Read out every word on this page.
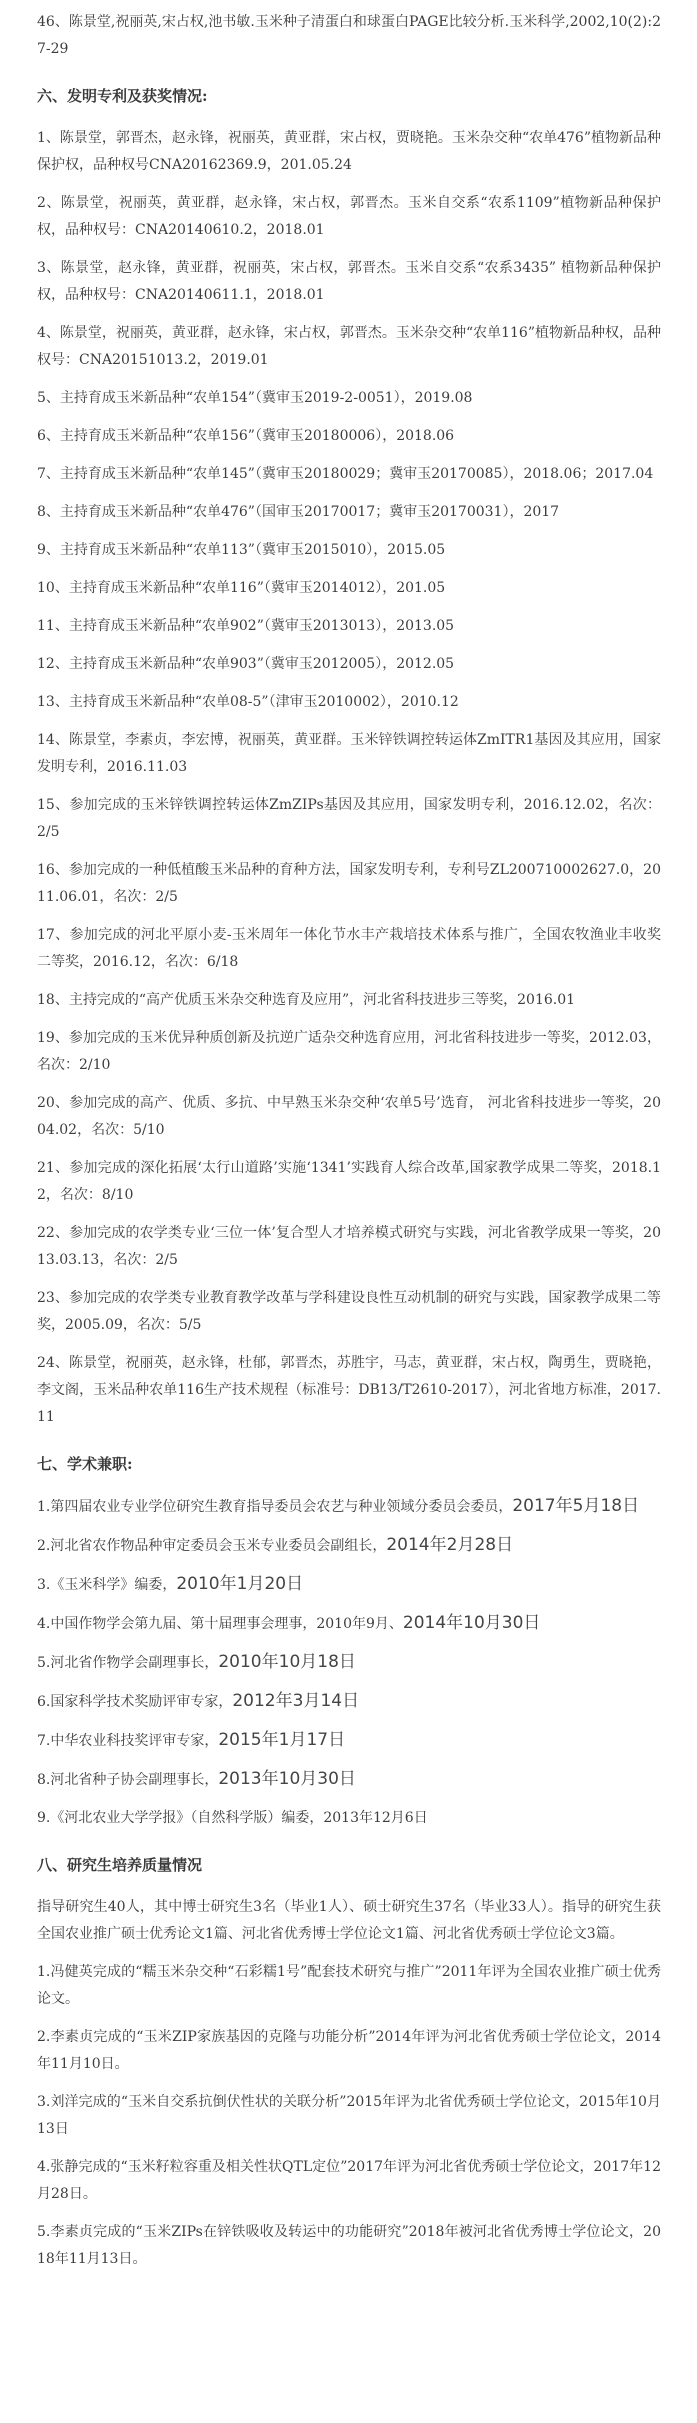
46、陈景堂,祝丽英,宋占权,池书敏.玉米种子清蛋白和球蛋白PAGE比较分析.玉米科学,2002,10(2):27-29

六、发明专利及获奖情况:

1、陈景堂，郭晋杰，赵永锋，祝丽英，黄亚群，宋占权，贾晓艳。玉米杂交种“农单476”植物新品种保护权，品种权号CNA20162369.9，201.05.24

2、陈景堂，祝丽英，黄亚群，赵永锋，宋占权，郭晋杰。玉米自交系“农系1109”植物新品种保护权，品种权号：CNA20140610.2，2018.01

3、陈景堂，赵永锋，黄亚群，祝丽英，宋占权，郭晋杰。玉米自交系“农系3435” 植物新品种保护权，品种权号：CNA20140611.1，2018.01

4、陈景堂，祝丽英，黄亚群，赵永锋，宋占权，郭晋杰。玉米杂交种“农单116”植物新品种权，品种权号：CNA20151013.2，2019.01

5、主持育成玉米新品种“农单154”（冀审玉2019-2-0051），2019.08

6、主持育成玉米新品种“农单156”（冀审玉20180006），2018.06

7、主持育成玉米新品种“农单145”（冀审玉20180029；冀审玉20170085），2018.06；2017.04

8、主持育成玉米新品种“农单476”（国审玉20170017；冀审玉20170031），2017

9、主持育成玉米新品种“农单113”（冀审玉2015010），2015.05

10、主持育成玉米新品种“农单116”（冀审玉2014012），201.05

11、主持育成玉米新品种“农单902”（冀审玉2013013），2013.05

12、主持育成玉米新品种“农单903”（冀审玉2012005），2012.05

13、主持育成玉米新品种“农单08-5”（津审玉2010002），2010.12

14、陈景堂，李素贞，李宏博，祝丽英，黄亚群。玉米锌铁调控转运体ZmITR1基因及其应用，国家发明专利，2016.11.03

15、参加完成的玉米锌铁调控转运体ZmZIPs基因及其应用，国家发明专利，2016.12.02，名次：2/5

16、参加完成的一种低植酸玉米品种的育种方法，国家发明专利，专利号ZL200710002627.0，2011.06.01，名次：2/5

17、参加完成的河北平原小麦-玉米周年一体化节水丰产栽培技术体系与推广，全国农牧渔业丰收奖二等奖，2016.12，名次：6/18

18、主持完成的“高产优质玉米杂交种选育及应用”，河北省科技进步三等奖，2016.01

19、参加完成的玉米优异种质创新及抗逆广适杂交种选育应用，河北省科技进步一等奖，2012.03，名次：2/10

20、参加完成的高产、优质、多抗、中早熟玉米杂交种‘农单5号’选育， 河北省科技进步一等奖，2004.02，名次：5/10

21、参加完成的深化拓展‘太行山道路’实施‘1341’实践育人综合改革,国家教学成果二等奖，2018.12，名次：8/10

22、参加完成的农学类专业‘三位一体’复合型人才培养模式研究与实践，河北省教学成果一等奖，2013.03.13，名次：2/5

23、参加完成的农学类专业教育教学改革与学科建设良性互动机制的研究与实践，国家教学成果二等奖，2005.09，名次：5/5

24、陈景堂，祝丽英，赵永锋，杜郁，郭晋杰，苏胜宇，马志，黄亚群，宋占权，陶勇生，贾晓艳，李文阁，玉米品种农单116生产技术规程（标准号：DB13/T2610-2017），河北省地方标准，2017.11

七、学术兼职:

1.第四届农业专业学位研究生教育指导委员会农艺与种业领域分委员会委员，2017年5月18日

2.河北省农作物品种审定委员会玉米专业委员会副组长，2014年2月28日

3.《玉米科学》编委，2010年1月20日

4.中国作物学会第九届、第十届理事会理事，2010年9月、2014年10月30日

5.河北省作物学会副理事长，2010年10月18日

6.国家科学技术奖励评审专家，2012年3月14日

7.中华农业科技奖评审专家，2015年1月17日

8.河北省种子协会副理事长，2013年10月30日

9.《河北农业大学学报》（自然科学版）编委，2013年12月6日

八、研究生培养质量情况

指导研究生40人，其中博士研究生3名（毕业1人）、硕士研究生37名（毕业33人）。指导的研究生获全国农业推广硕士优秀论文1篇、河北省优秀博士学位论文1篇、河北省优秀硕士学位论文3篇。

1.冯健英完成的“糯玉米杂交种“石彩糯1号”配套技术研究与推广”2011年评为全国农业推广硕士优秀论文。

2.李素贞完成的“玉米ZIP家族基因的克隆与功能分析”2014年评为河北省优秀硕士学位论文，2014年11月10日。

3.刘洋完成的“玉米自交系抗倒伏性状的关联分析”2015年评为北省优秀硕士学位论文，2015年10月13日

4.张静完成的“玉米籽粒容重及相关性状QTL定位”2017年评为河北省优秀硕士学位论文，2017年12月28日。

5.李素贞完成的“玉米ZIPs在锌铁吸收及转运中的功能研究”2018年被河北省优秀博士学位论文，2018年11月13日。
